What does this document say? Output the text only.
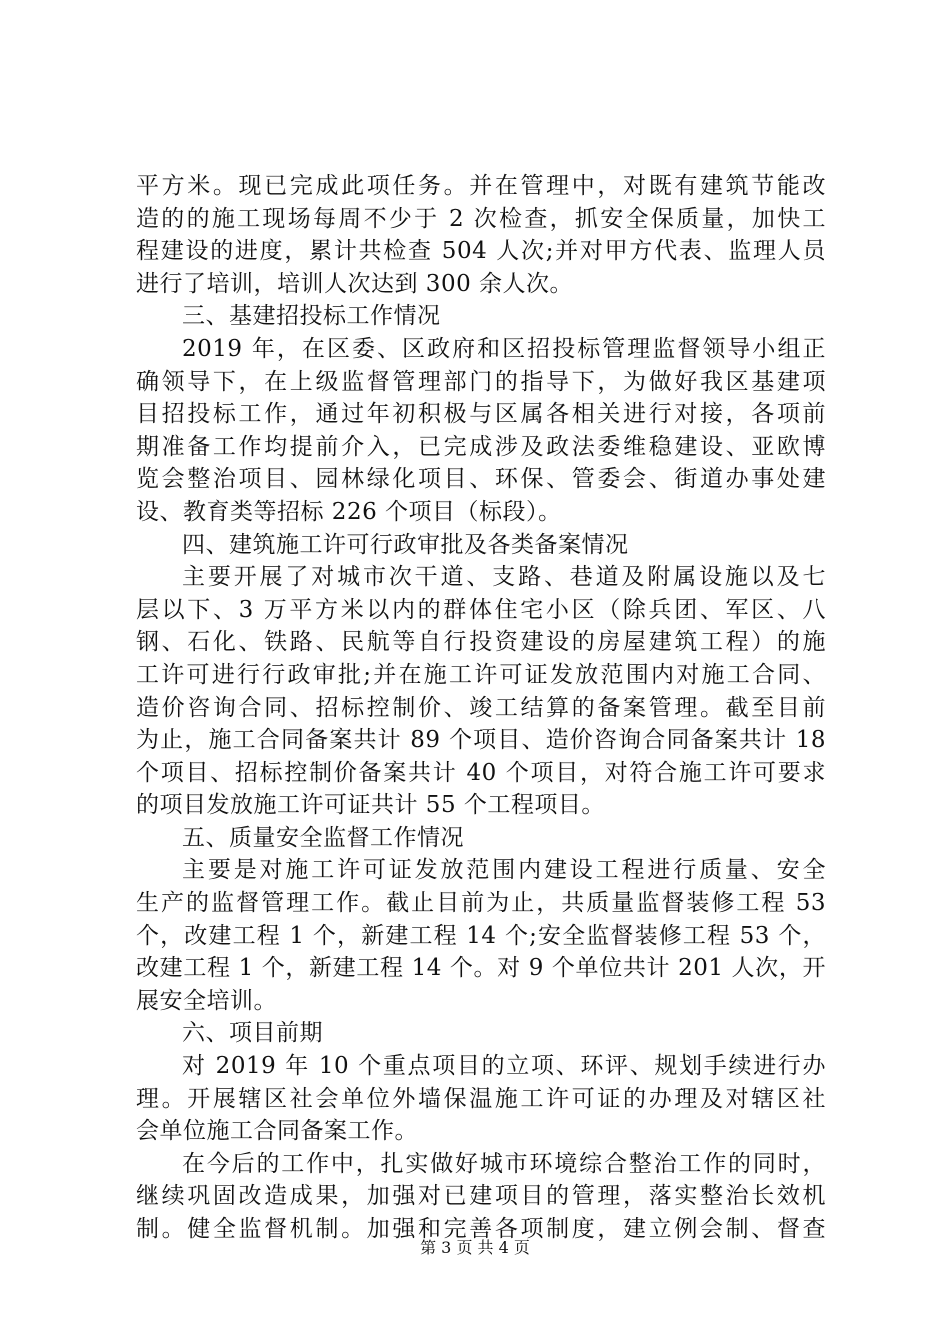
平方米。现已完成此项任务。并在管理中，对既有建筑节能改
造的的施工现场每周不少于 2 次检查，抓安全保质量，加快工
程建设的进度，累计共检查 504 人次;并对甲方代表、监理人员
进行了培训，培训人次达到 300 余人次。
三、基建招投标工作情况
2019 年，在区委、区政府和区招投标管理监督领导小组正
确领导下，在上级监督管理部门的指导下，为做好我区基建项
目招投标工作，通过年初积极与区属各相关进行对接，各项前
期准备工作均提前介入，已完成涉及政法委维稳建设、亚欧博
览会整治项目、园林绿化项目、环保、管委会、街道办事处建
设、教育类等招标 226 个项目（标段）。
四、建筑施工许可行政审批及各类备案情况
主要开展了对城市次干道、支路、巷道及附属设施以及七
层以下、3 万平方米以内的群体住宅小区（除兵团、军区、八
钢、石化、铁路、民航等自行投资建设的房屋建筑工程）的施
工许可进行行政审批;并在施工许可证发放范围内对施工合同、
造价咨询合同、招标控制价、竣工结算的备案管理。截至目前
为止，施工合同备案共计 89 个项目、造价咨询合同备案共计 18
个项目、招标控制价备案共计 40 个项目，对符合施工许可要求
的项目发放施工许可证共计 55 个工程项目。
五、质量安全监督工作情况
主要是对施工许可证发放范围内建设工程进行质量、安全
生产的监督管理工作。截止目前为止，共质量监督装修工程 53
个，改建工程 1 个，新建工程 14 个;安全监督装修工程 53 个，
改建工程 1 个，新建工程 14 个。对 9 个单位共计 201 人次，开
展安全培训。
六、项目前期
对 2019 年 10 个重点项目的立项、环评、规划手续进行办
理。开展辖区社会单位外墙保温施工许可证的办理及对辖区社
会单位施工合同备案工作。
在今后的工作中，扎实做好城市环境综合整治工作的同时，
继续巩固改造成果，加强对已建项目的管理，落实整治长效机
制。健全监督机制。加强和完善各项制度，建立例会制、督查
第 3 页 共 4 页
